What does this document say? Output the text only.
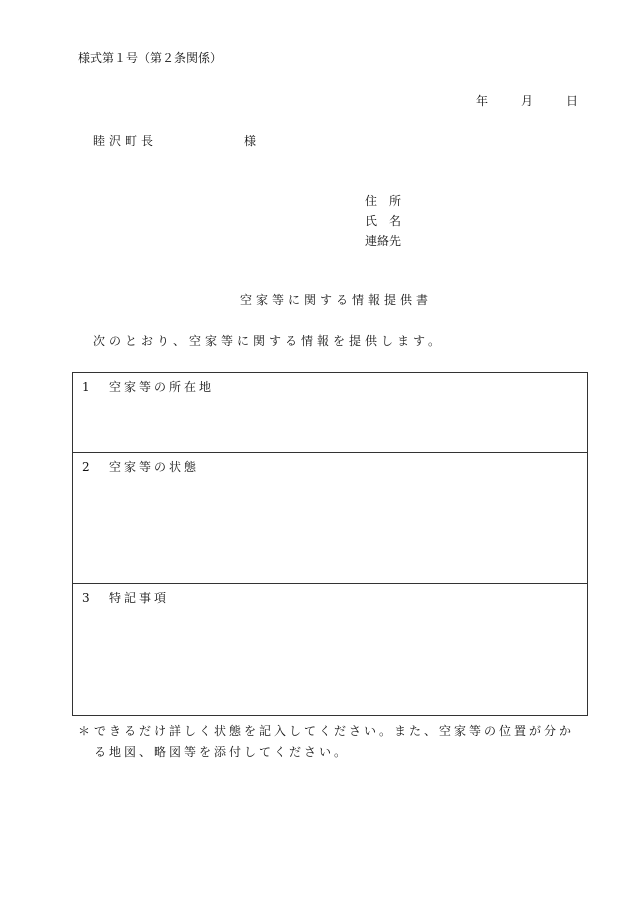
様式第１号（第２条関係）
年	月	日
睦沢町長	様
住　所
氏　名
連絡先
空家等に関する情報提供書
次のとおり、空家等に関する情報を提供します。
1 空家等の所在地
2 空家等の状態
3 特記事項
＊ できるだけ詳しく状態を記入してください。また、空家等の位置が分か
る地図、略図等を添付してください。
